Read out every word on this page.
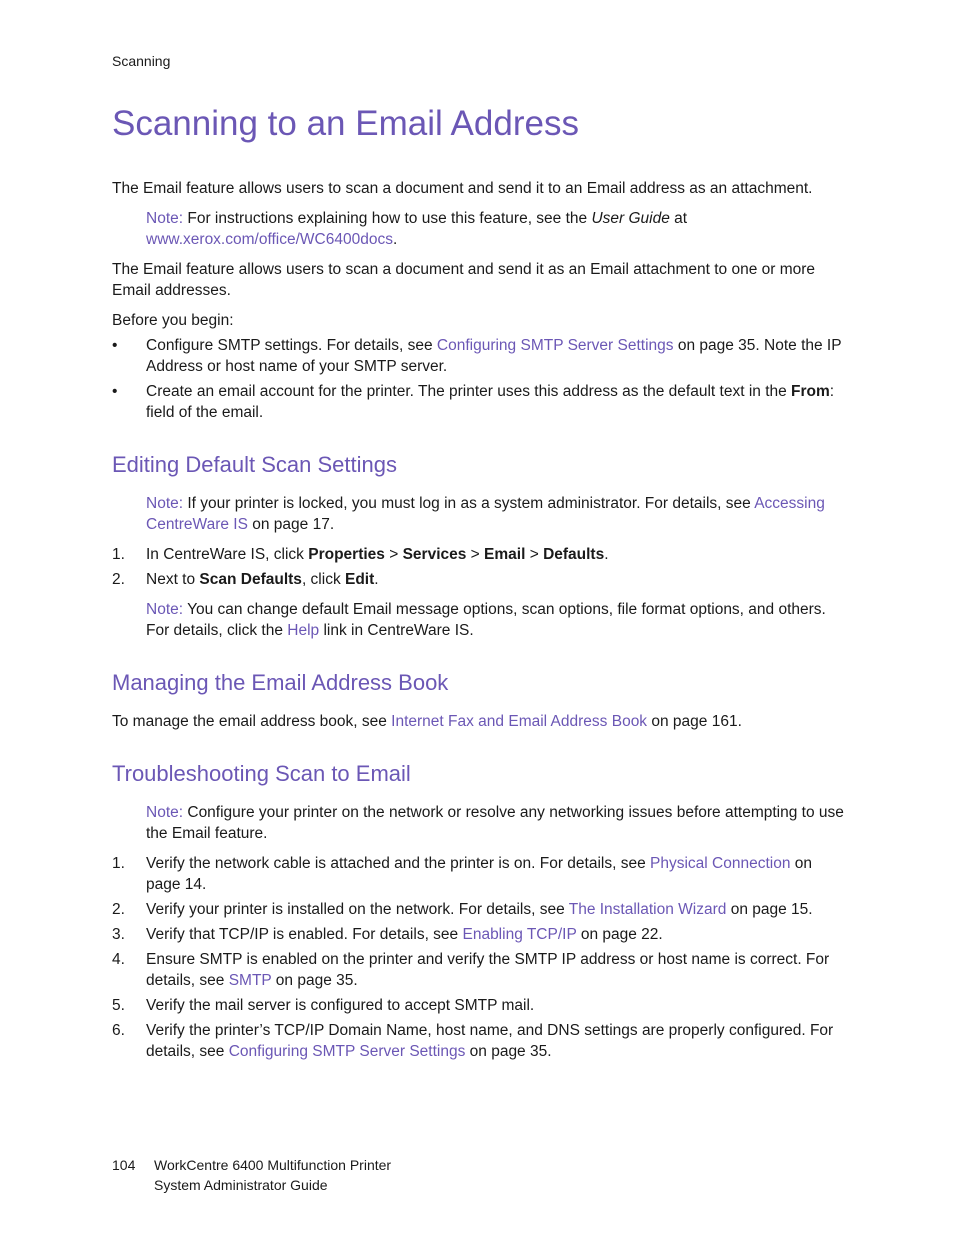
Scanning
Scanning to an Email Address

The Email feature allows users to scan a document and send it to an Email address as an attachment.

Note: For instructions explaining how to use this feature, see the User Guide at
www.xerox.com/office/WC6400docs.

The Email feature allows users to scan a document and send it as an Email attachment to one or more Email addresses.

Before you begin:

• Configure SMTP settings. For details, see Configuring SMTP Server Settings on page 35. Note the IP Address or host name of your SMTP server.
• Create an email account for the printer. The printer uses this address as the default text in the From: field of the email.
Editing Default Scan Settings

Note: If your printer is locked, you must log in as a system administrator. For details, see Accessing CentreWare IS on page 17.

1. In CentreWare IS, click Properties > Services > Email > Defaults.
2. Next to Scan Defaults, click Edit.

Note: You can change default Email message options, scan options, file format options, and others. For details, click the Help link in CentreWare IS.

Managing the Email Address Book

To manage the email address book, see Internet Fax and Email Address Book on page 161.

Troubleshooting Scan to Email

Note: Configure your printer on the network or resolve any networking issues before attempting to use the Email feature.

1. Verify the network cable is attached and the printer is on. For details, see Physical Connection on page 14.
2. Verify your printer is installed on the network. For details, see The Installation Wizard on page 15.
3. Verify that TCP/IP is enabled. For details, see Enabling TCP/IP on page 22.
4. Ensure SMTP is enabled on the printer and verify the SMTP IP address or host name is correct. For details, see SMTP on page 35.
5. Verify the mail server is configured to accept SMTP mail.
6. Verify the printer’s TCP/IP Domain Name, host name, and DNS settings are properly configured. For details, see Configuring SMTP Server Settings on page 35.
104 WorkCentre 6400 Multifunction Printer
System Administrator Guide
